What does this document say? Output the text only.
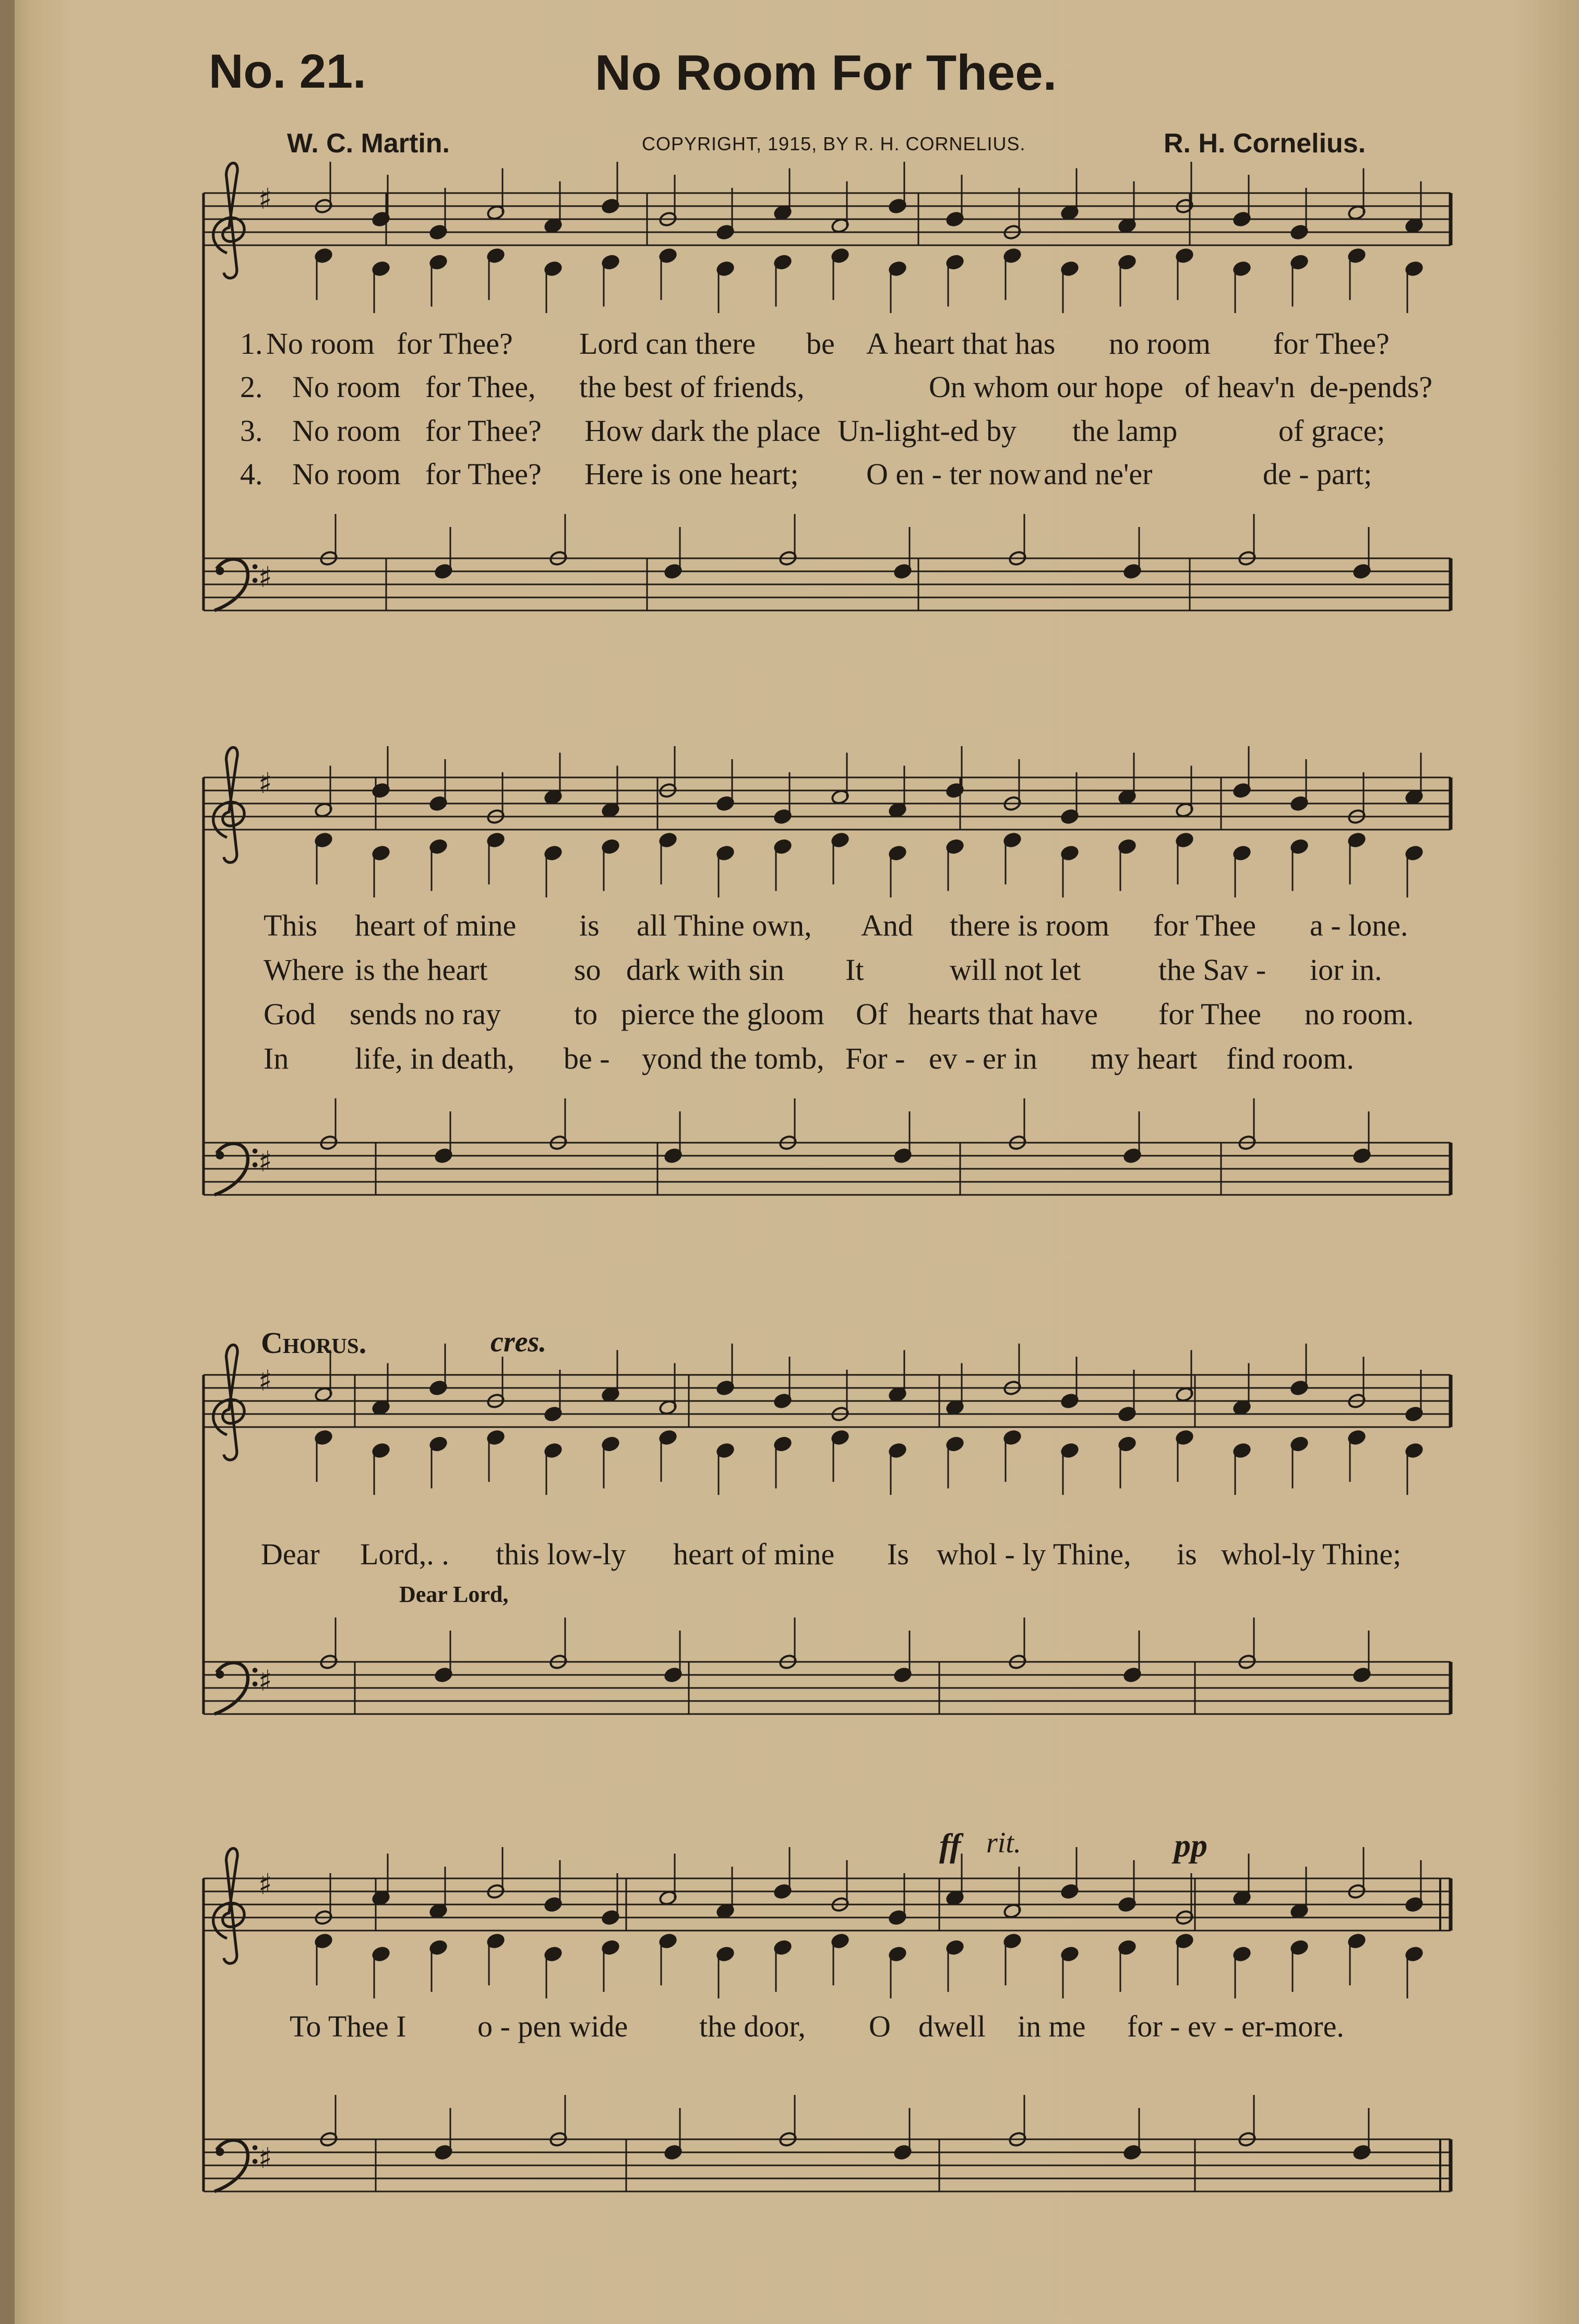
No. 21.	No Room For Thee.
W. C. Martin.	COPYRIGHT, 1915, BY R. H. CORNELIUS.	R. H. Cornelius.
♯
♯
♯
♯
♯
♯
♯
♯
1. No room for Thee? Lord can there be A heart that has no room for Thee?
2. No room for Thee, the best of friends,	On whom our hope of heav'n de-pends?
3. No room for Thee? How dark the place Un-light-ed by the lamp	of grace;
4. No room for Thee? Here is one heart; O en - ter now and ne'er	de - part;
This heart of mine is all Thine own, And there is room for Thee a - lone.
Where is the heart	so dark with sin It	will not let	the Sav - ior in.
God sends no ray to pierce the gloom Of hearts that have for Thee no room.
In life, in death, be - yond the tomb, For - ev - er in my heart find room.
Chorus.	cres.
Dear Lord,. . this low-ly heart of mine Is whol - ly Thine, is whol-ly Thine;
Dear Lord,
ff rit.	pp
To Thee I o - pen wide the door, O dwell in me for - ev - er-more.
